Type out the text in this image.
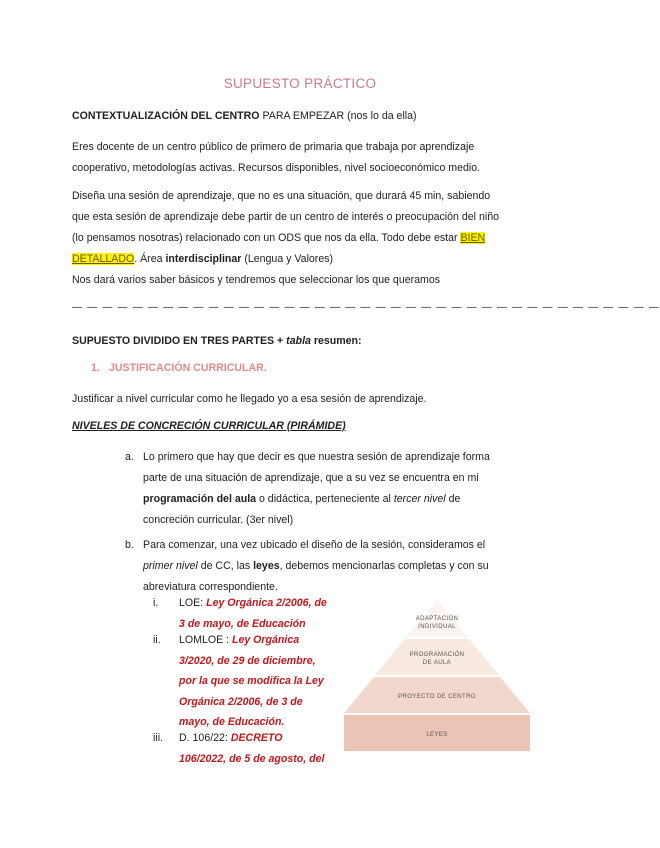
SUPUESTO PRÁCTICO
CONTEXTUALIZACIÓN DEL CENTRO PARA EMPEZAR (nos lo da ella)
Eres docente de un centro público de primero de primaria que trabaja por aprendizaje
cooperativo, metodologías activas. Recursos disponibles, nivel socioeconómico medio.
Diseña una sesión de aprendizaje, que no es una situación, que durará 45 min, sabiendo
que esta sesión de aprendizaje debe partir de un centro de interés o preocupación del niño
(lo pensamos nosotras) relacionado con un ODS que nos da ella. Todo debe estar BIEN
DETALLADO. Área interdisciplinar (Lengua y Valores)
Nos dará varios saber básicos y tendremos que seleccionar los que queramos
— — — — — — — — — — — — — — — — — — — — — — — — — — — — — — — — — — — — — — —
SUPUESTO DIVIDIDO EN TRES PARTES + tabla resumen:
1. JUSTIFICACIÓN CURRICULAR.
Justificar a nivel curricular como he llegado yo a esa sesión de aprendizaje.
NIVELES DE CONCRECIÓN CURRICULAR (PIRÁMIDE)
a. Lo primero que hay que decir es que nuestra sesión de aprendizaje forma
parte de una situación de aprendizaje, que a su vez se encuentra en mi
programación del aula o didáctica, perteneciente al tercer nivel de
concreción curricular. (3er nivel)
b. Para comenzar, una vez ubicado el diseño de la sesión, consideramos el
primer nivel de CC, las leyes, debemos mencionarlas completas y con su
abreviatura correspondiente.
i.	LOE: Ley Orgánica 2/2006, de
3 de mayo, de Educación
ii.	LOMLOE : Ley Orgánica
3/2020, de 29 de diciembre,
por la que se modifica la Ley
Orgánica 2/2006, de 3 de
mayo, de Educación.
iii.	D. 106/22: DECRETO
106/2022, de 5 de agosto, del
ADAPTACIÓN
INDIVIDUAL
PROGRAMACIÓN
DE AULA
PROYECTO DE CENTRO
LEYES
